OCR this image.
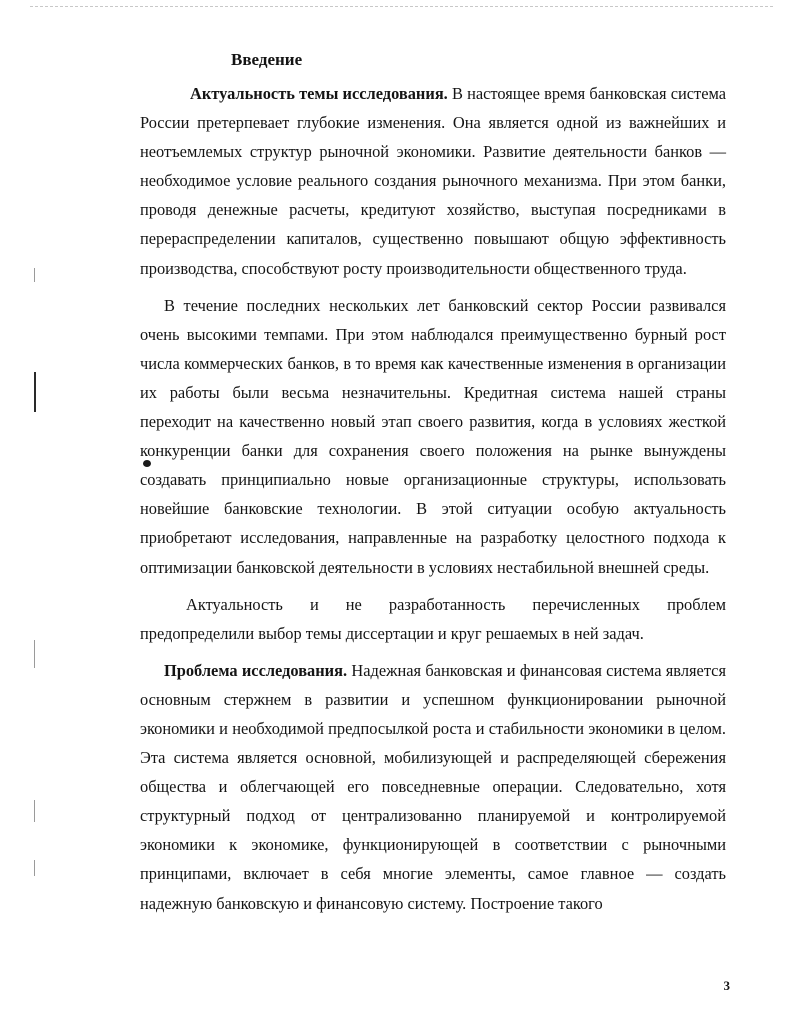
Введение

Актуальность темы исследования. В настоящее время банковская система России претерпевает глубокие изменения. Она является одной из важнейших и неотъемлемых структур рыночной экономики. Развитие деятельности банков — необходимое условие реального создания рыночного механизма. При этом банки, проводя денежные расчеты, кредитуют хозяйство, выступая посредниками в перераспределении капиталов, существенно повышают общую эффективность производства, способствуют росту производительности общественного труда.

В течение последних нескольких лет банковский сектор России развивался очень высокими темпами. При этом наблюдался преимущественно бурный рост числа коммерческих банков, в то время как качественные изменения в организации их работы были весьма незначительны. Кредитная система нашей страны переходит на качественно новый этап своего развития, когда в условиях жесткой конкуренции банки для сохранения своего положения на рынке вынуждены создавать принципиально новые организационные структуры, использовать новейшие банковские технологии. В этой ситуации особую актуальность приобретают исследования, направленные на разработку целостного подхода к оптимизации банковской деятельности в условиях нестабильной внешней среды.

Актуальность и не разработанность перечисленных проблем предопределили выбор темы диссертации и круг решаемых в ней задач.

Проблема исследования. Надежная банковская и финансовая система является основным стержнем в развитии и успешном функционировании рыночной экономики и необходимой предпосылкой роста и стабильности экономики в целом. Эта система является основной, мобилизующей и распределяющей сбережения общества и облегчающей его повседневные операции. Следовательно, хотя структурный подход от централизованно планируемой и контролируемой экономики к экономике, функционирующей в соответствии с рыночными принципами, включает в себя многие элементы, самое главное — создать надежную банковскую и финансовую систему. Построение такого

3
